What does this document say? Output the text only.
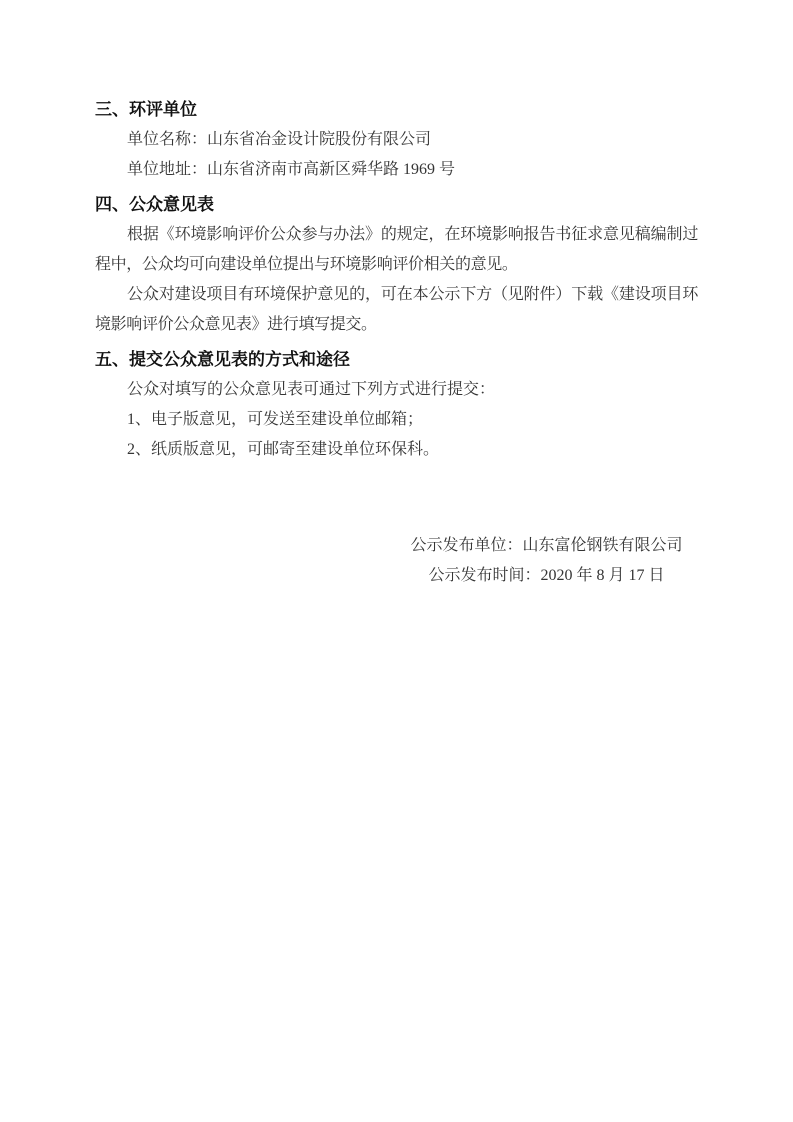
三、环评单位

单位名称：山东省冶金设计院股份有限公司

单位地址：山东省济南市高新区舜华路 1969 号

四、公众意见表

根据《环境影响评价公众参与办法》的规定，在环境影响报告书征求意见稿编制过程中，公众均可向建设单位提出与环境影响评价相关的意见。

公众对建设项目有环境保护意见的，可在本公示下方（见附件）下载《建设项目环境影响评价公众意见表》进行填写提交。

五、提交公众意见表的方式和途径

公众对填写的公众意见表可通过下列方式进行提交：

1、电子版意见，可发送至建设单位邮箱；

2、纸质版意见，可邮寄至建设单位环保科。

公示发布单位：山东富伦钢铁有限公司

公示发布时间：2020 年 8 月 17 日
